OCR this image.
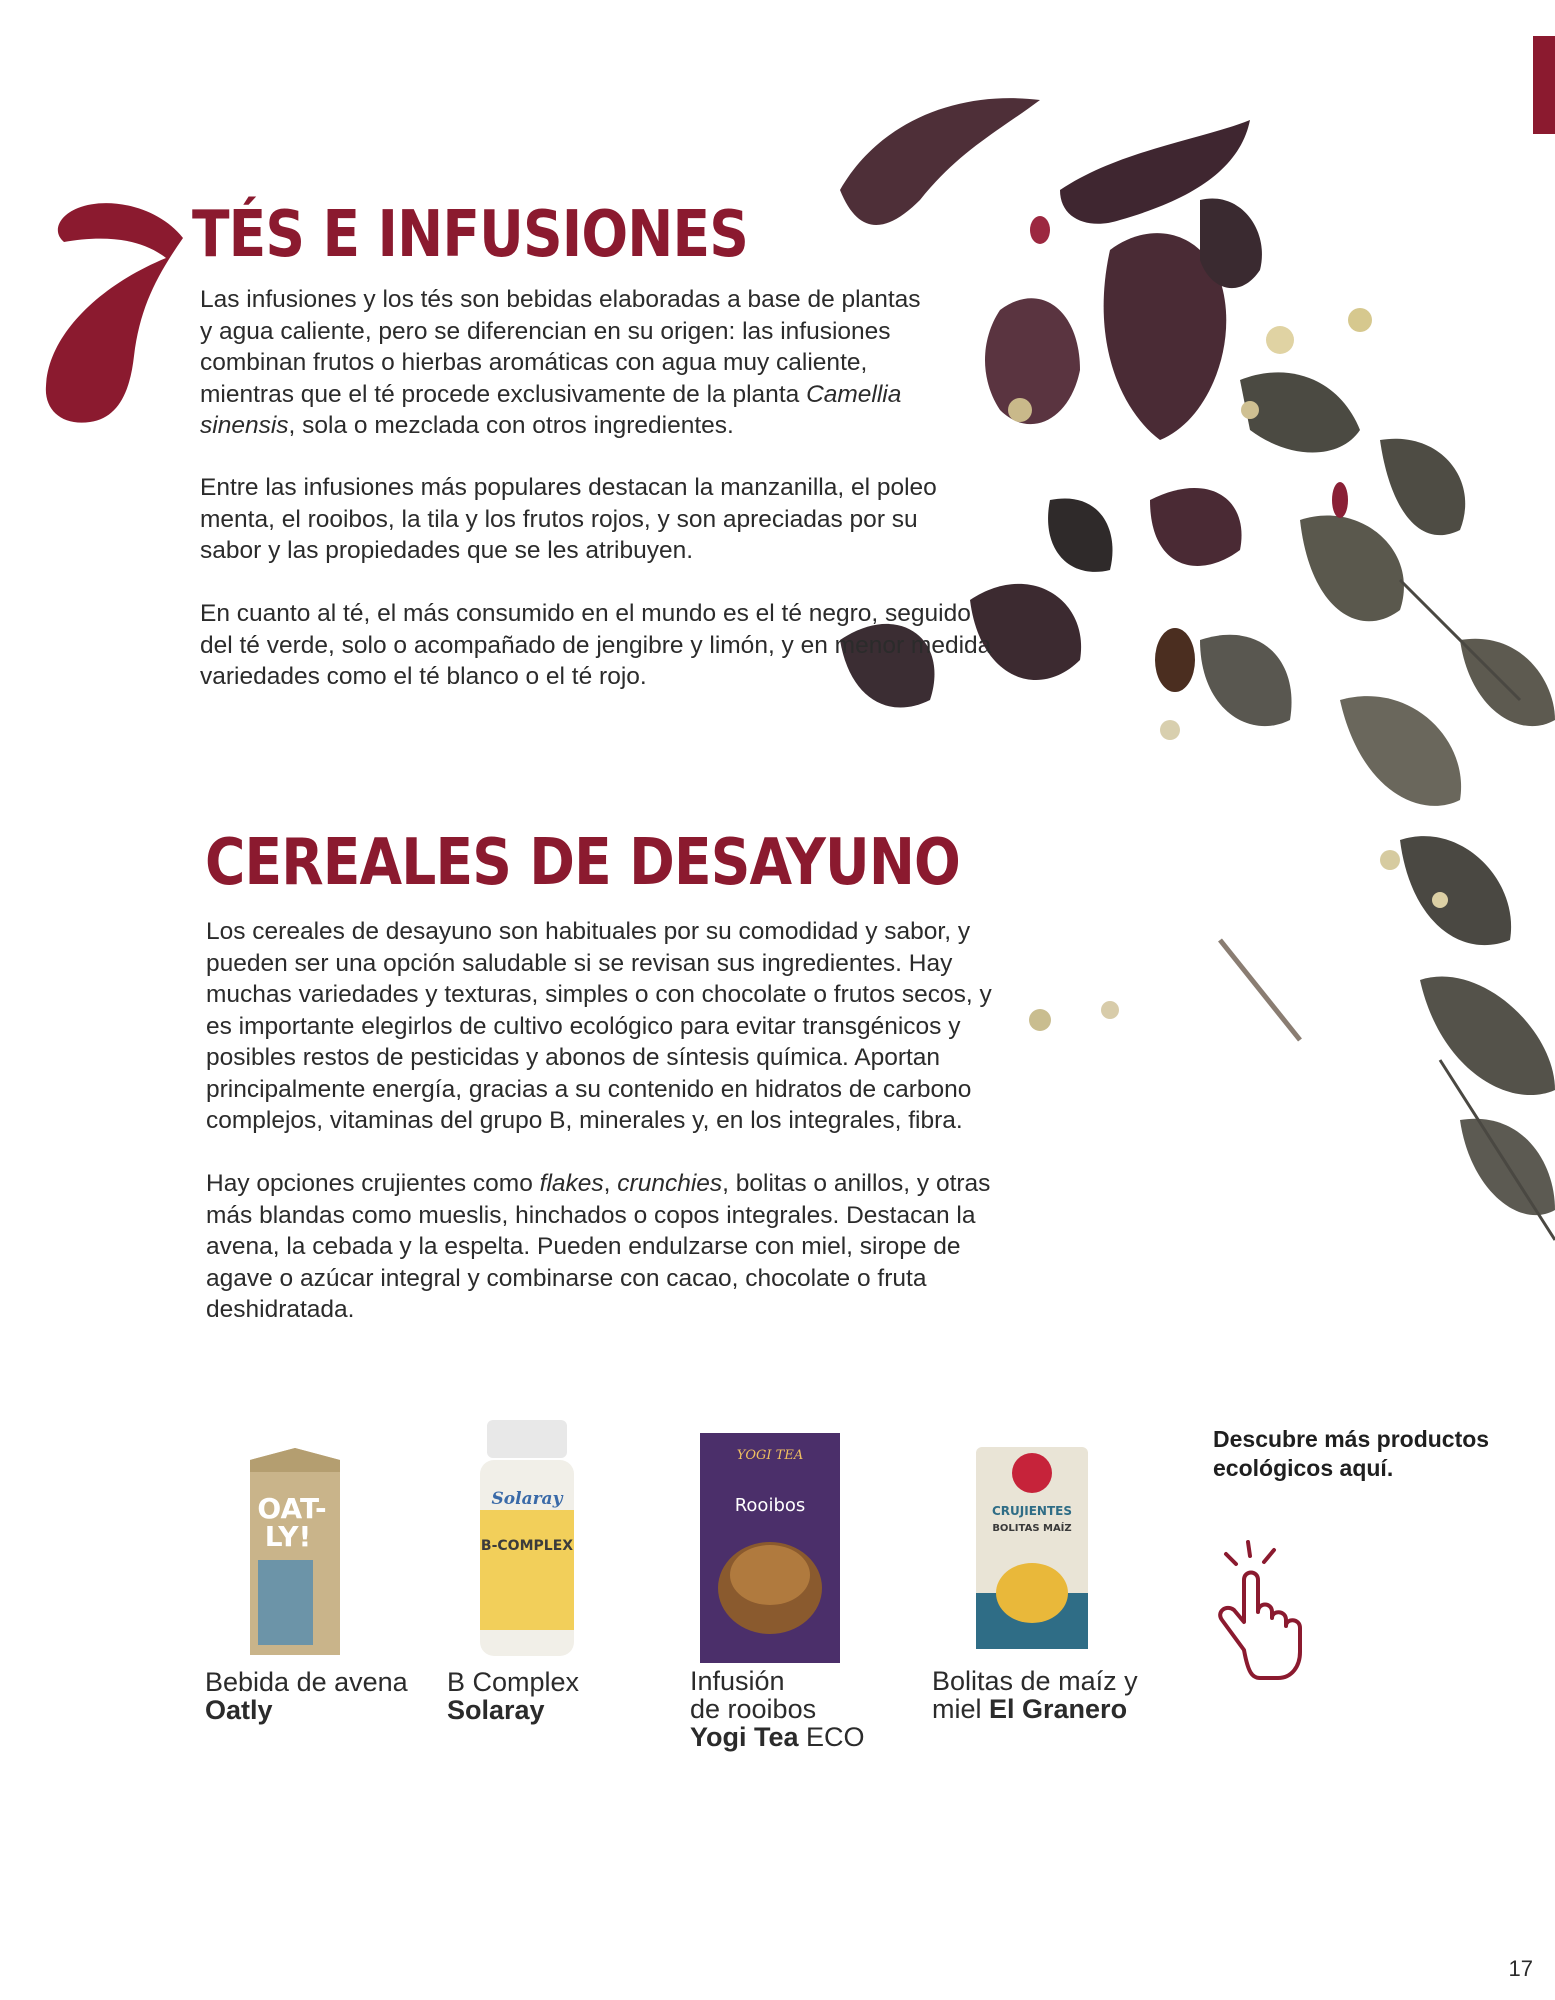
TÉS E INFUSIONES

Las infusiones y los tés son bebidas elaboradas a base de plantas
y agua caliente, pero se diferencian en su origen: las infusiones
combinan frutos o hierbas aromáticas con agua muy caliente,
mientras que el té procede exclusivamente de la planta Camellia
sinensis, sola o mezclada con otros ingredientes.

Entre las infusiones más populares destacan la manzanilla, el poleo menta, el rooibos, la tila y los frutos rojos, y son apreciadas por su sabor y las propiedades que se les atribuyen.

En cuanto al té, el más consumido en el mundo es el té negro, seguido del té verde, solo o acompañado de jengibre y limón, y en menor medida variedades como el té blanco o el té rojo.

CEREALES DE DESAYUNO

Los cereales de desayuno son habituales por su comodidad y sabor, y pueden ser una opción saludable si se revisan sus ingredientes. Hay muchas variedades y texturas, simples o con chocolate o frutos secos, y es importante elegirlos de cultivo ecológico para evitar transgénicos y posibles restos de pesticidas y abonos de síntesis química. Aportan principalmente energía, gracias a su contenido en hidratos de carbono complejos, vitaminas del grupo B, minerales y, en los integrales, fibra.

Hay opciones crujientes como flakes, crunchies, bolitas o anillos, y otras más blandas como mueslis, hinchados o copos integrales. Destacan la avena, la cebada y la espelta. Pueden endulzarse con miel, sirope de agave o azúcar integral y combinarse con cacao, chocolate o fruta deshidratada.

OAT-
LY!
Bebida de avena
Oatly
Solaray
B-COMPLEX
B Complex
Solaray
YOGI TEA
Rooibos
Infusión
de rooibos
Yogi Tea ECO
CRUJIENTES
BOLITAS MAÍZ
Bolitas de maíz y
miel El Granero
Descubre más productos ecológicos aquí.
17
